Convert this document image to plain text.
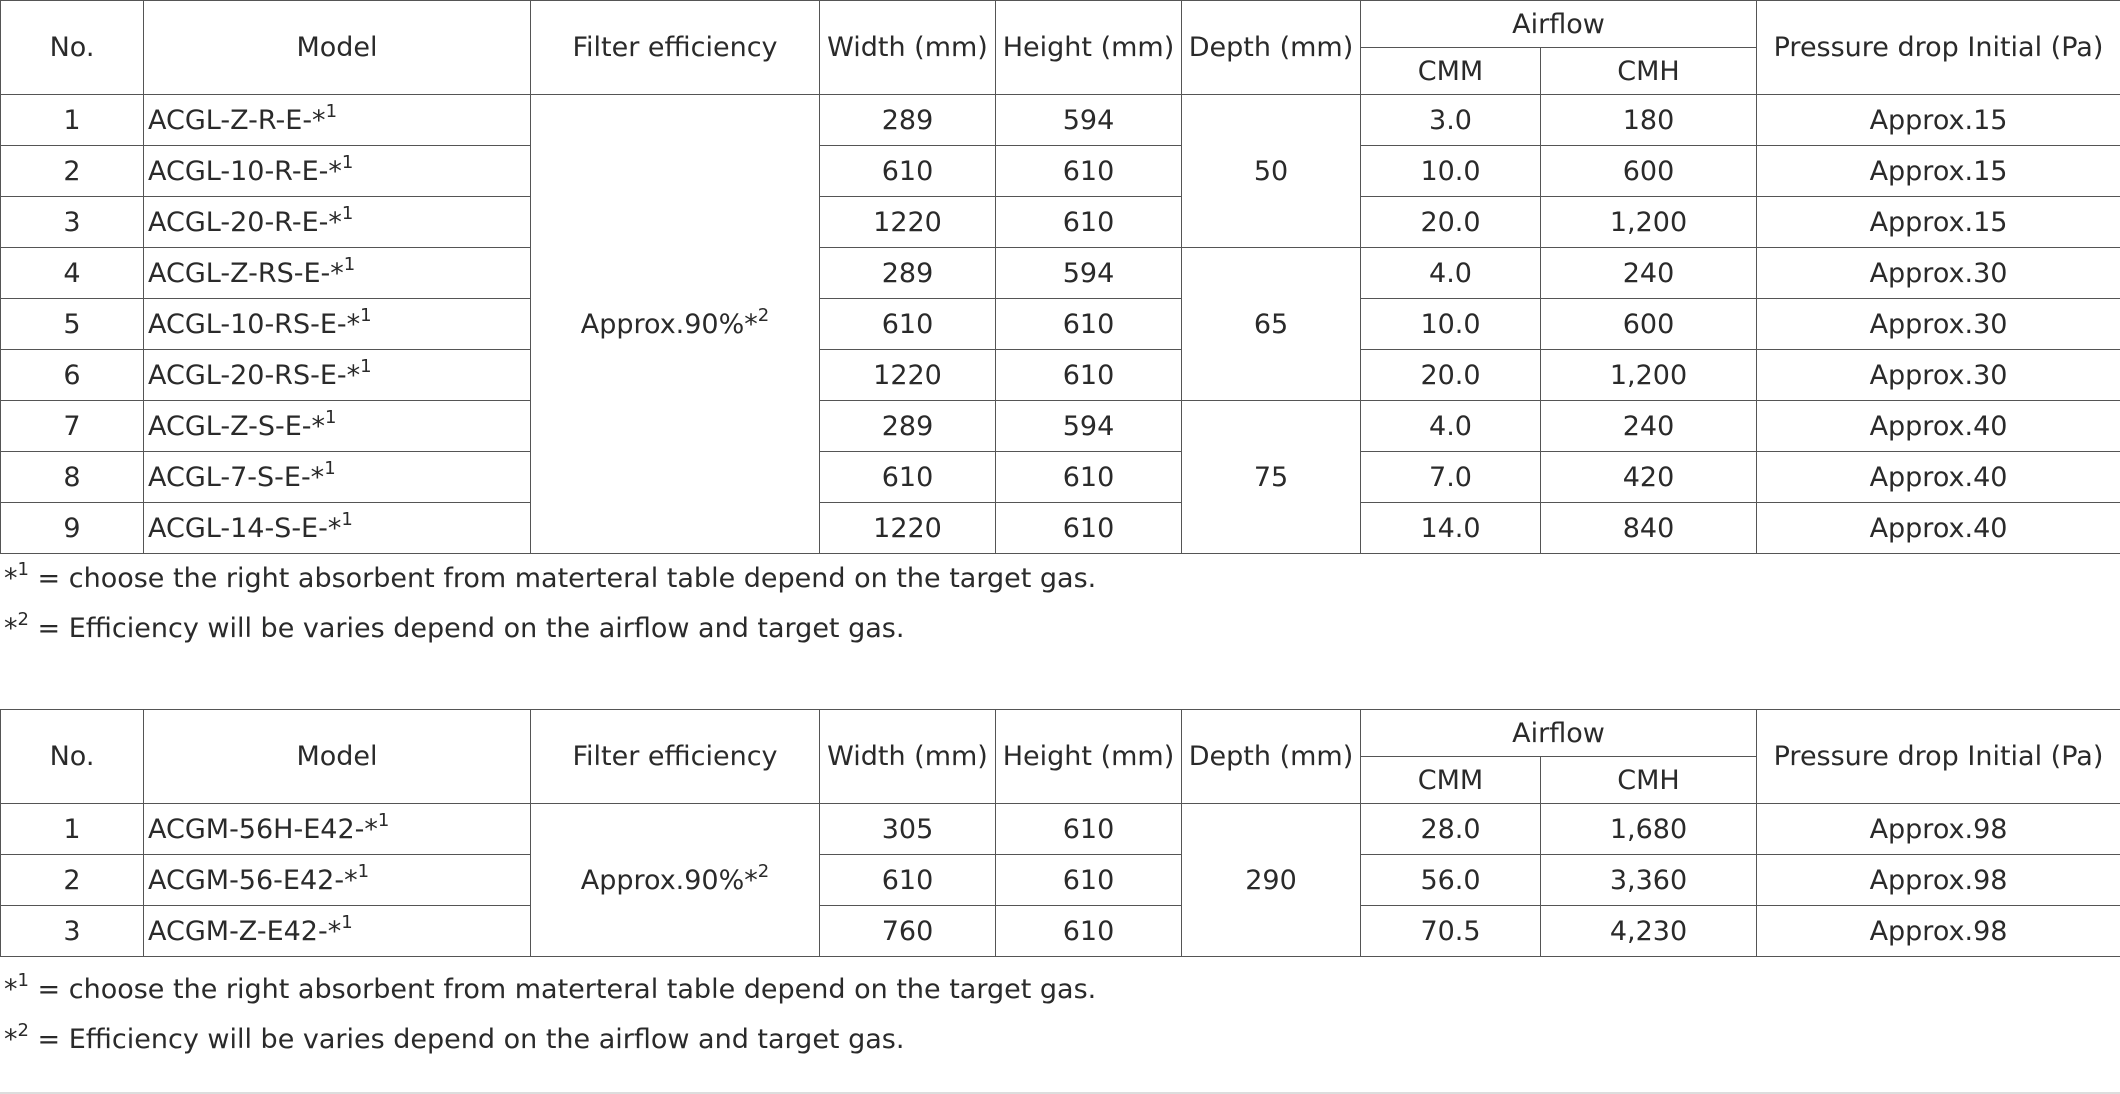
No.	Model	Filter efficiency	Width (mm)	Height (mm)	Depth (mm)	Airflow		Pressure drop Initial (Pa)
						CMM	CMH	
1	ACGL-Z-R-E-*$^1$	Approx.90%*$^2$	289	594	50	3.0	180	Approx.15
2	ACGL-10-R-E-*$^1$		610	610		10.0	600	Approx.15
3	ACGL-20-R-E-*$^1$		1220	610		20.0	1,200	Approx.15
4	ACGL-Z-RS-E-*$^1$		289	594	65	4.0	240	Approx.30
5	ACGL-10-RS-E-*$^1$		610	610		10.0	600	Approx.30
6	ACGL-20-RS-E-*$^1$		1220	610		20.0	1,200	Approx.30
7	ACGL-Z-S-E-*$^1$		289	594	75	4.0	240	Approx.40
8	ACGL-7-S-E-*$^1$		610	610		7.0	420	Approx.40
9	ACGL-14-S-E-*$^1$		1220	610		14.0	840	Approx.40
*$^1$ = choose the right absorbent from materteral table depend on the target gas.
*$^2$ = Efficiency will be varies depend on the airflow and target gas.
No.	Model	Filter efficiency	Width (mm)	Height (mm)	Depth (mm)	Airflow		Pressure drop Initial (Pa)
						CMM	CMH	
1	ACGM-56H-E42-*$^1$	Approx.90%*$^2$	305	610	290	28.0	1,680	Approx.98
2	ACGM-56-E42-*$^1$		610	610		56.0	3,360	Approx.98
3	ACGM-Z-E42-*$^1$		760	610		70.5	4,230	Approx.98
*$^1$ = choose the right absorbent from materteral table depend on the target gas.
*$^2$ = Efficiency will be varies depend on the airflow and target gas.
